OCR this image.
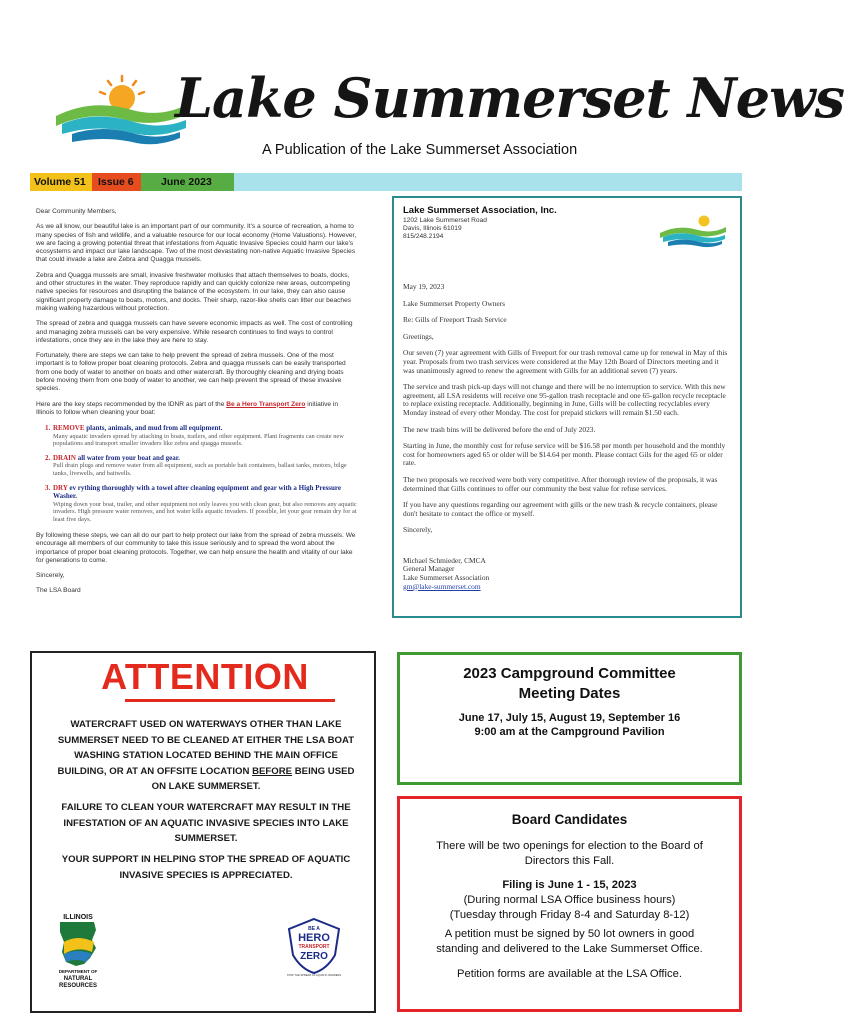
Lake Summerset News
A Publication of the Lake Summerset Association
Volume 51	Issue 6	June 2023

Dear Community Members,

As we all know, our beautiful lake is an important part of our community. It's a source of recreation, a home to many species of fish and wildlife, and a valuable resource for our local economy (Home Valuations). However, we are facing a growing potential threat that infestations from Aquatic Invasive Species could harm our lake's ecosystems and impact our lake landscape. Two of the most devastating non-native Aquatic Invasive Species that could invade a lake are Zebra and Quagga mussels.

Zebra and Quagga mussels are small, invasive freshwater mollusks that attach themselves to boats, docks, and other structures in the water. They reproduce rapidly and can quickly colonize new areas, outcompeting native species for resources and disrupting the balance of the ecosystem. In our lake, they can also cause significant property damage to boats, motors, and docks. Their sharp, razor-like shells can litter our beaches making walking hazardous without protection.

The spread of zebra and quagga mussels can have severe economic impacts as well. The cost of controlling and managing zebra mussels can be very expensive. While research continues to find ways to control infestations, once they are in the lake they are here to stay.

Fortunately, there are steps we can take to help prevent the spread of zebra mussels. One of the most important is to follow proper boat cleaning protocols. Zebra and quagga mussels can be easily transported from one body of water to another on boats and other watercraft. By thoroughly cleaning and drying boats before moving them from one body of water to another, we can help prevent the spread of these invasive species.

Here are the key steps recommended by the IDNR as part of the Be a Hero Transport Zero initiative in Illinois to follow when cleaning your boat:

1. REMOVE plants, animals, and mud from all equipment.
Many aquatic invaders spread by attaching to boats, trailers, and other equipment. Plant fragments can create new populations and transport smaller invaders like zebra and quagga mussels.
2. DRAIN all water from your boat and gear.
Pull drain plugs and remove water from all equipment, such as portable bait containers, ballast tanks, motors, bilge tanks, livewells, and baitwells.
3. DRY ev rything thoroughly with a towel after cleaning equipment and gear with a High Pressure Washer.
Wiping down your boat, trailer, and other equipment not only leaves you with clean gear, but also removes any aquatic invaders. High pressure water removes, and hot water kills aquatic invaders. If possible, let your gear remain dry for at least five days.

By following these steps, we can all do our part to help protect our lake from the spread of zebra mussels. We encourage all members of our community to take this issue seriously and to spread the word about the importance of proper boat cleaning protocols. Together, we can help ensure the health and vitality of our lake for generations to come.

Sincerely,

The LSA Board

Lake Summerset Association, Inc.
1202 Lake Summerset Road
Davis, Illinois 61019
815/248.2194

May 19, 2023

Lake Summerset Property Owners

Re: Gills of Freeport Trash Service

Greetings,

Our seven (7) year agreement with Gills of Freeport for our trash removal came up for renewal in May of this year. Proposals from two trash services were considered at the May 12th Board of Directors meeting and it was unanimously agreed to renew the agreement with Gills for an additional seven (7) years.

The service and trash pick-up days will not change and there will be no interruption to service. With this new agreement, all LSA residents will receive one 95-gallon trash receptacle and one 65-gallon recycle receptacle to replace existing receptacle. Additionally, beginning in June, Gills will be collecting recyclables every Monday instead of every other Monday. The cost for prepaid stickers will remain $1.50 each.

The new trash bins will be delivered before the end of July 2023.

Starting in June, the monthly cost for refuse service will be $16.58 per month per household and the monthly cost for homeowners aged 65 or older will be $14.64 per month. Please contact Gils for the aged 65 or older rate.

The two proposals we received were both very competitive. After thorough review of the proposals, it was determined that Gills continues to offer our community the best value for refuse services.

If you have any questions regarding our agreement with gills or the new trash & recycle containers, please don't hesitate to contact the office or myself.

Sincerely,

Michael Schmieder, CMCA
General Manager
Lake Summerset Association
gm@lake-summerset.com
ATTENTION
WATERCRAFT USED ON WATERWAYS OTHER THAN LAKE SUMMERSET NEED TO BE CLEANED AT EITHER THE LSA BOAT WASHING STATION LOCATED BEHIND THE MAIN OFFICE BUILDING, OR AT AN OFFSITE LOCATION BEFORE BEING USED ON LAKE SUMMERSET.
FAILURE TO CLEAN YOUR WATERCRAFT MAY RESULT IN THE INFESTATION OF AN AQUATIC INVASIVE SPECIES INTO LAKE SUMMERSET.
YOUR SUPPORT IN HELPING STOP THE SPREAD OF AQUATIC INVASIVE SPECIES IS APPRECIATED.
ILLINOIS
DEPARTMENT OF
NATURAL
RESOURCES
BE A
HERO
TRANSPORT
ZERO
STOP THE SPREAD OF AQUATIC INVADERS
2023 Campground Committee
Meeting Dates
June 17, July 15, August 19, September 16
9:00 am at the Campground Pavilion
Board Candidates
There will be two openings for election to the Board of
Directors this Fall.
Filing is June 1 - 15, 2023
(During normal LSA Office business hours)
(Tuesday through Friday 8-4 and Saturday 8-12)
A petition must be signed by 50 lot owners in good
standing and delivered to the Lake Summerset Office.
Petition forms are available at the LSA Office.
